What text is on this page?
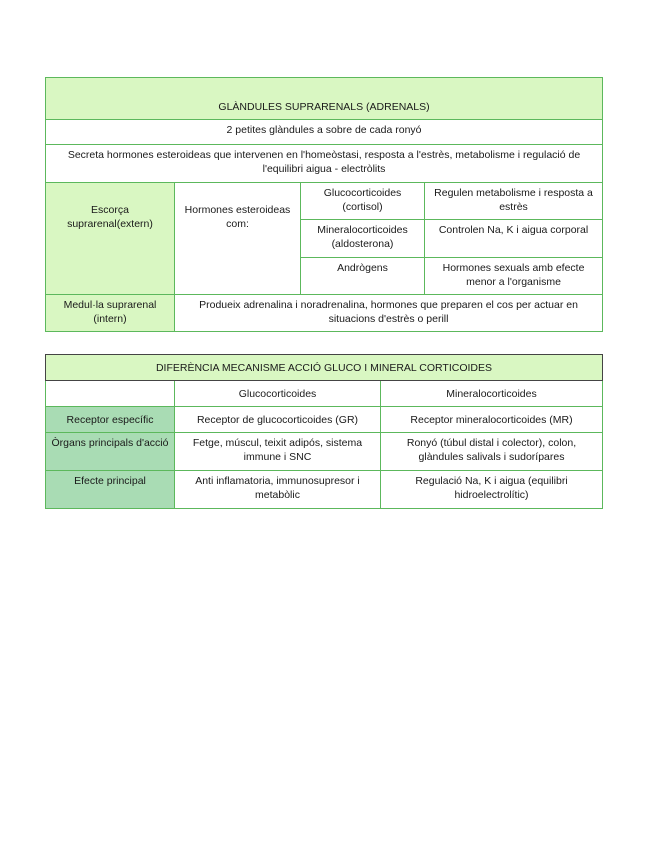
GLÀNDULES SUPRARENALS (ADRENALS)			
2 petites glàndules a sobre de cada ronyó			
Secreta hormones esteroideas que intervenen en l'homeòstasi, resposta a l'estrès, metabolisme i regulació de l'equilibri aigua - electròlits			
Escorça suprarenal(extern)	Hormones esteroideas com:	Glucocorticoides (cortisol)	Regulen metabolisme i resposta a estrès
		Mineralocorticoides (aldosterona)	Controlen Na, K i aigua corporal
		Andrògens	Hormones sexuals amb efecte menor a l'organisme
Medul·la suprarenal (intern)	Produeix adrenalina i noradrenalina, hormones que preparen el cos per actuar en situacions d'estrès o perill		
DIFERÈNCIA MECANISME ACCIÓ GLUCO I MINERAL CORTICOIDES		
	Glucocorticoides	Mineralocorticoides
Receptor específic	Receptor de glucocorticoides (GR)	Receptor mineralocorticoides (MR)
Òrgans principals d'acció	Fetge, múscul, teixit adipós, sistema immune i SNC	Ronyó (túbul distal i colector), colon, glàndules salivals i sudorípares
Efecte principal	Anti inflamatoria, immunosupresor i metabòlic	Regulació Na, K i aigua (equilibri hidroelectrolític)
